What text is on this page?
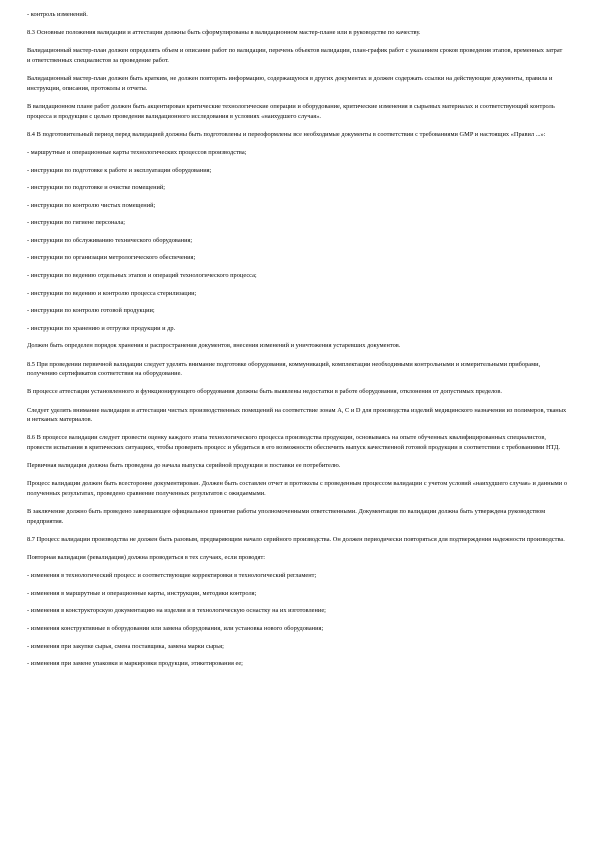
- контроль изменений.

8.3 Основные положения валидации и аттестации должны быть сформулированы в валидационном мастер-плане или в руководстве по качеству.

Валидационный мастер-план должен определять объем и описание работ по валидации, перечень объектов валидации, план-график работ с указанием сроков проведения этапов, временных затрат и ответственных специалистов за проведение работ.

Валидационный мастер-план должен быть кратким, не должен повторять информацию, содержащуюся в других документах и должен содержать ссылки на действующие документы, правила и инструкции, описания, протоколы и отчеты.

В валидационном плане работ должен быть акцентирован критические технологические операции и оборудование, критические изменения в сырьевых материалах и соответствующий контроль процесса и продукции с целью проведения валидационного исследования в условиях «наихудшего случая».

8.4 В подготовительный период перед валидацией должны быть подготовлены и переоформлены все необходимые документы в соответствии с требованиями GMP и настоящих «Правил ...»:

- маршрутные и операционные карты технологических процессов производства;

- инструкции по подготовке к работе и эксплуатации оборудования;

- инструкции по подготовке и очистке помещений;

- инструкции по контролю чистых помещений;

- инструкции по гигиене персонала;

- инструкции по обслуживанию технического оборудования;

- инструкции по организации метрологического обеспечения;

- инструкции по ведению отдельных этапов и операций технологического процесса;

- инструкции по ведению и контролю процесса стерилизации;

- инструкции по контролю готовой продукции;

- инструкции по хранению и отгрузке продукции и др.

Должен быть определен порядок хранения и распространения документов, внесения изменений и уничтожения устаревших документов.

8.5 При проведении первичной валидации следует уделять внимание подготовке оборудования, коммуникаций, комплектации необходимыми контрольными и измерительными приборами, получению сертификатов соответствия на оборудование.

В процессе аттестации установленного и функционирующего оборудования должны быть выявлены недостатки в работе оборудования, отклонения от допустимых пределов.

Следует уделять внимание валидации и аттестации чистых производственных помещений на соответствие зонам А, С и D для производства изделий медицинского назначения из полимеров, тканых и нетканых материалов.

8.6 В процессе валидации следует провести оценку каждого этапа технологического процесса производства продукции, основываясь на опыте обученных квалифицированных специалистов, провести испытания в критических ситуациях, чтобы проверить процесс и убедиться в его возможности обеспечить выпуск качественной готовой продукции в соответствии с требованиями НТД.

Первичная валидация должна быть проведена до начала выпуска серийной продукции и поставки ее потребителю.

Процесс валидации должен быть всесторонне документирован. Должен быть составлен отчет и протоколы с проведенным процессом валидации с учетом условий «наихудшего случая» и данными о полученных результатах, проведено сравнение полученных результатов с ожидаемыми.

В заключение должно быть проведено завершающее официальное принятие работы уполномоченными ответственными. Документация по валидации должна быть утверждена руководством предприятия.

8.7 Процесс валидации производства не должен быть разовым, предваряющим начало серийного производства. Он должен периодически повторяться для подтверждения надежности производства.

Повторная валидация (ревалидация) должна проводиться в тех случаях, если проводят:

- изменения в технологический процесс и соответствующие корректировки в технологический регламент;

- изменения в маршрутные и операционные карты, инструкции, методики контроля;

- изменения в конструкторскую документацию на изделия и в технологическую оснастку на их изготовление;

- изменения конструктивные в оборудовании или замена оборудования, или установка нового оборудования;

- изменения при закупке сырья, смена поставщика, замена марки сырья;

- изменения при замене упаковки и маркировки продукции, этикетирования ее;
